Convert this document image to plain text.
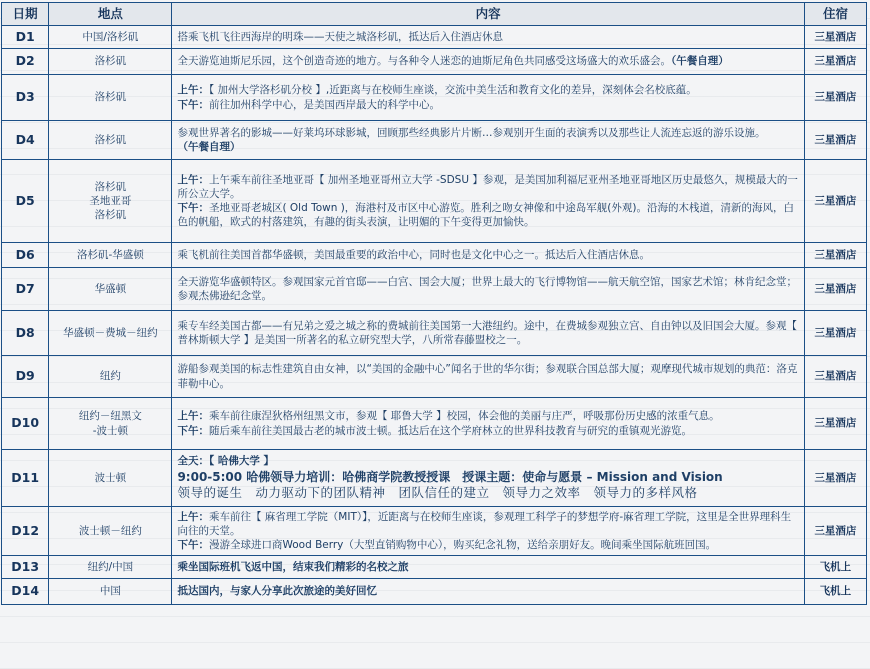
日期	地点	内容	住宿
D1	中国/洛杉矶	搭乘飞机飞往西海岸的明珠——天使之城洛杉矶，抵达后入住酒店休息	三星酒店
D2	洛杉矶	全天游览迪斯尼乐园，这个创造奇迹的地方。与各种令人迷恋的迪斯尼角色共同感受这场盛大的欢乐盛会。（午餐自理）	三星酒店
D3	洛杉矶	上午：【 加州大学洛杉矶分校 】,近距离与在校师生座谈，交流中美生活和教育文化的差异，深刻体会名校底蕴。
下午：前往加州科学中心，是美国西岸最大的科学中心。	三星酒店
D4	洛杉矶	参观世界著名的影城——好莱坞环球影城，回顾那些经典影片片断…参观别开生面的表演秀以及那些让人流连忘返的游乐设施。
（午餐自理）	三星酒店
D5	洛杉矶
圣地亚哥
洛杉矶	上午：上午乘车前往圣地亚哥【 加州圣地亚哥州立大学 -SDSU 】参观，是美国加利福尼亚州圣地亚哥地区历史最悠久，规模最大的一所公立大学。
下午：圣地亚哥老城区( Old Town )，海港村及市区中心游览。胜利之吻女神像和中途岛军舰(外观)。沿海的木栈道，清新的海风，白色的帆船，欧式的村落建筑，有趣的街头表演，让明媚的下午变得更加愉快。	三星酒店
D6	洛杉矶-华盛顿	乘飞机前往美国首都华盛顿，美国最重要的政治中心，同时也是文化中心之一。抵达后入住酒店休息。	三星酒店
D7	华盛顿	全天游览华盛顿特区。参观国家元首官邸——白宫、国会大厦；世界上最大的飞行博物馆——航天航空馆，国家艺术馆；林肯纪念堂；参观杰佛逊纪念堂。	三星酒店
D8	华盛顿－费城－纽约	乘专车经美国古都——有兄弟之爱之城之称的费城前往美国第一大港纽约。途中，在费城参观独立宫、自由钟以及旧国会大厦。参观【 普林斯顿大学 】是美国一所著名的私立研究型大学，八所常春藤盟校之一。	三星酒店
D9	纽约	游船参观美国的标志性建筑自由女神，以“美国的金融中心”闻名于世的华尔街；参观联合国总部大厦；观摩现代城市规划的典范：洛克菲勒中心。	三星酒店
D10	纽约－纽黑文
-波士顿	上午：乘车前往康涅狄格州纽黑文市，参观【 耶鲁大学 】校园，体会他的美丽与庄严，呼吸那份历史感的浓重气息。
下午：随后乘车前往美国最古老的城市波士顿。抵达后在这个学府林立的世界科技教育与研究的重镇观光游览。	三星酒店
D11	波士顿	全天：【 哈佛大学 】
9:00-5:00 哈佛领导力培训：哈佛商学院教授授课　授课主题：使命与愿景 – Mission and Vision
领导的诞生　动力驱动下的团队精神　团队信任的建立　领导力之效率　领导力的多样风格	三星酒店
D12	波士顿－纽约	上午：乘车前往【 麻省理工学院（MIT）】，近距离与在校师生座谈，参观理工科学子的梦想学府-麻省理工学院，这里是全世界理科生向往的天堂。
下午：漫游全球进口商Wood Berry（大型直销购物中心），购买纪念礼物，送给亲朋好友。晚间乘坐国际航班回国。	三星酒店
D13	纽约/中国	乘坐国际班机飞返中国，结束我们精彩的名校之旅	飞机上
D14	中国	抵达国内，与家人分享此次旅途的美好回忆	飞机上
